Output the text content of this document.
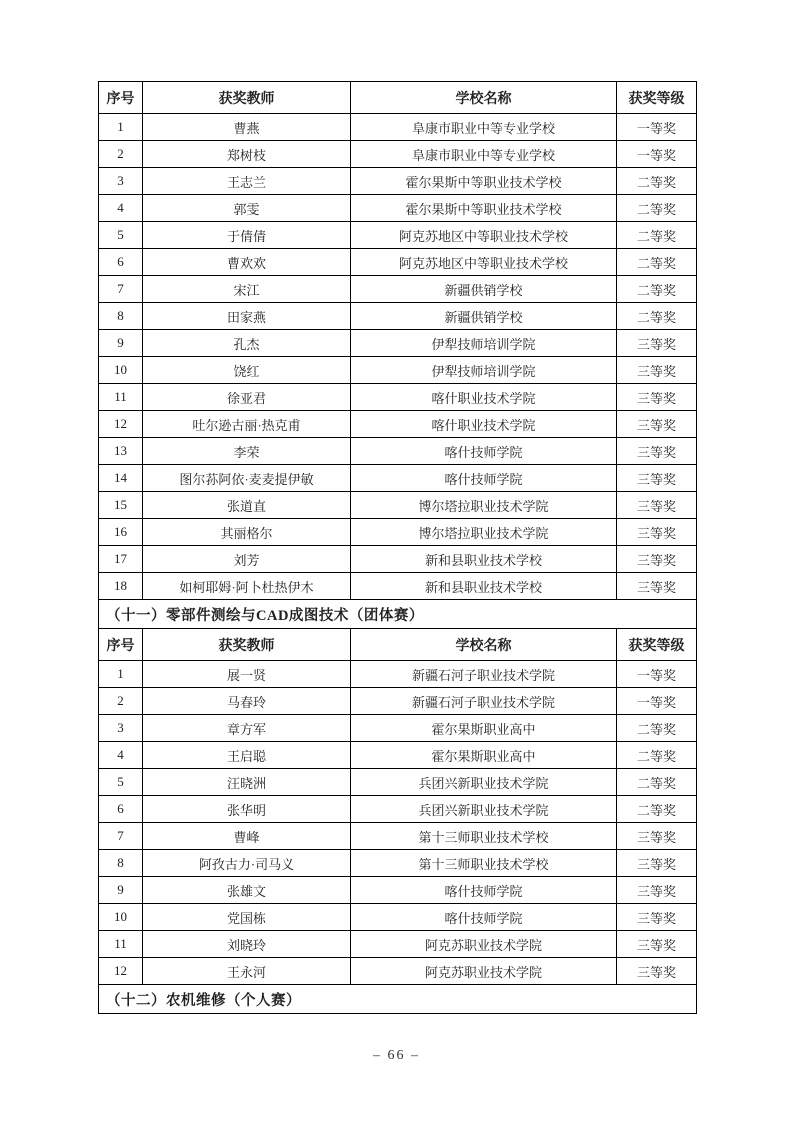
序号	获奖教师	学校名称	获奖等级
1	曹燕	阜康市职业中等专业学校	一等奖
2	郑树枝	阜康市职业中等专业学校	一等奖
3	王志兰	霍尔果斯中等职业技术学校	二等奖
4	郭雯	霍尔果斯中等职业技术学校	二等奖
5	于倩倩	阿克苏地区中等职业技术学校	二等奖
6	曹欢欢	阿克苏地区中等职业技术学校	二等奖
7	宋江	新疆供销学校	二等奖
8	田家燕	新疆供销学校	二等奖
9	孔杰	伊犁技师培训学院	三等奖
10	饶红	伊犁技师培训学院	三等奖
11	徐亚君	喀什职业技术学院	三等奖
12	吐尔逊古丽·热克甫	喀什职业技术学院	三等奖
13	李荣	喀什技师学院	三等奖
14	图尔荪阿依·麦麦提伊敏	喀什技师学院	三等奖
15	张道直	博尔塔拉职业技术学院	三等奖
16	其丽格尔	博尔塔拉职业技术学院	三等奖
17	刘芳	新和县职业技术学校	三等奖
18	如柯耶姆·阿卜杜热伊木	新和县职业技术学校	三等奖
（十一）零部件测绘与CAD成图技术（团体赛）			
序号	获奖教师	学校名称	获奖等级
1	展一贤	新疆石河子职业技术学院	一等奖
2	马春玲	新疆石河子职业技术学院	一等奖
3	章方军	霍尔果斯职业高中	二等奖
4	王启聪	霍尔果斯职业高中	二等奖
5	汪晓洲	兵团兴新职业技术学院	二等奖
6	张华明	兵团兴新职业技术学院	二等奖
7	曹峰	第十三师职业技术学校	三等奖
8	阿孜古力·司马义	第十三师职业技术学校	三等奖
9	张雄文	喀什技师学院	三等奖
10	党国栋	喀什技师学院	三等奖
11	刘晓玲	阿克苏职业技术学院	三等奖
12	王永河	阿克苏职业技术学院	三等奖
（十二）农机维修（个人赛）			
– 66 –
